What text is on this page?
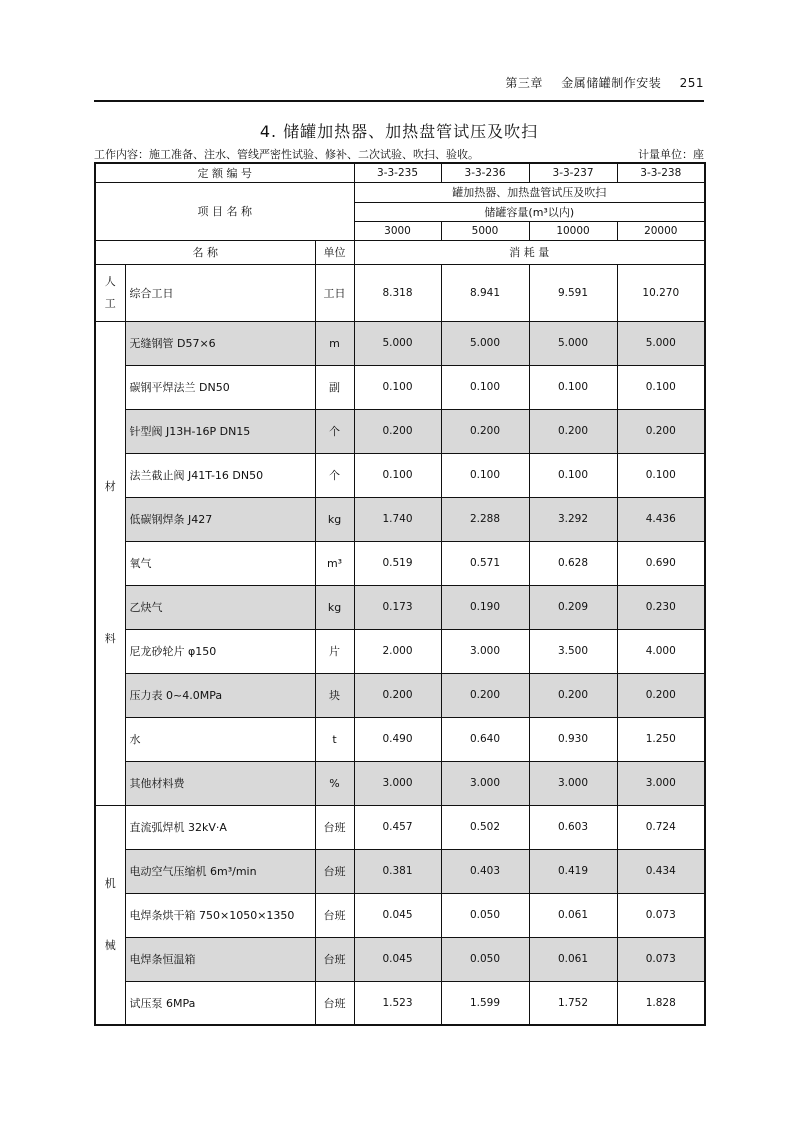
第三章 金属储罐制作安装 251
4. 储罐加热器、加热盘管试压及吹扫
工作内容：施工准备、注水、管线严密性试验、修补、二次试验、吹扫、验收。	计量单位：座
定 额 编 号			3-3-235	3-3-236	3-3-237	3-3-238
项 目 名 称			罐加热器、加热盘管试压及吹扫			
			储罐容量(m³以内)			
			3000	5000	10000	20000
名 称		单位	消 耗 量			

人
工	综合工日	工日	8.318	8.941	9.591	10.270

材
料	无缝钢管 D57×6	m	5.000	5.000	5.000	5.000
	碳钢平焊法兰 DN50	副	0.100	0.100	0.100	0.100
	针型阀 J13H-16P DN15	个	0.200	0.200	0.200	0.200
	法兰截止阀 J41T-16 DN50	个	0.100	0.100	0.100	0.100
	低碳钢焊条 J427	kg	1.740	2.288	3.292	4.436
	氧气	m³	0.519	0.571	0.628	0.690
	乙炔气	kg	0.173	0.190	0.209	0.230
	尼龙砂轮片 φ150	片	2.000	3.000	3.500	4.000
	压力表 0~4.0MPa	块	0.200	0.200	0.200	0.200
	水	t	0.490	0.640	0.930	1.250
	其他材料费	%	3.000	3.000	3.000	3.000

机
械	直流弧焊机 32kV·A	台班	0.457	0.502	0.603	0.724
	电动空气压缩机 6m³/min	台班	0.381	0.403	0.419	0.434
	电焊条烘干箱 750×1050×1350	台班	0.045	0.050	0.061	0.073
	电焊条恒温箱	台班	0.045	0.050	0.061	0.073
	试压泵 6MPa	台班	1.523	1.599	1.752	1.828
